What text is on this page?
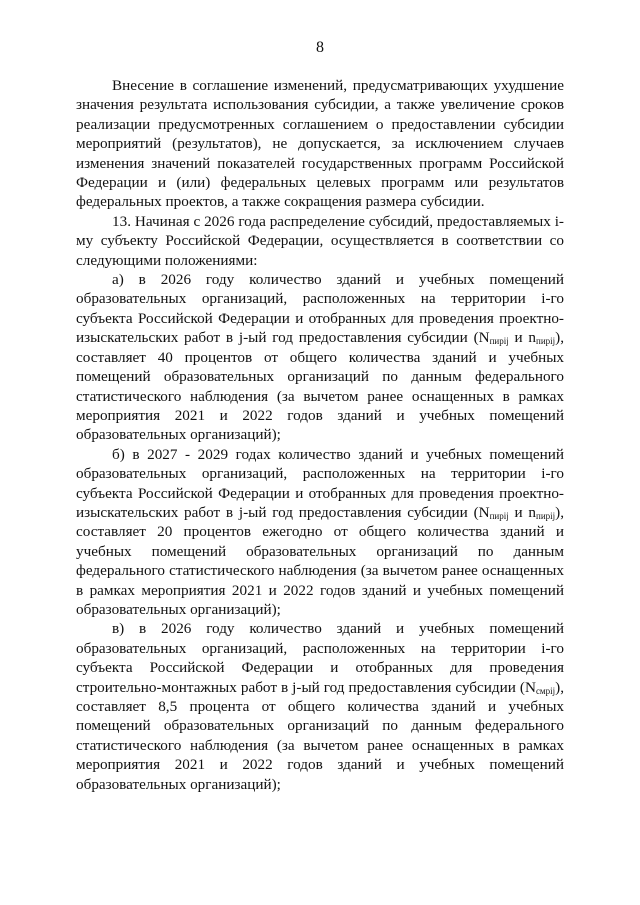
8

Внесение в соглашение изменений, предусматривающих ухудшение значения результата использования субсидии, а также увеличение сроков реализации предусмотренных соглашением о предоставлении субсидии мероприятий (результатов), не допускается, за исключением случаев изменения значений показателей государственных программ Российской Федерации и (или) федеральных целевых программ или результатов федеральных проектов, а также сокращения размера субсидии.

13. Начиная с 2026 года распределение субсидий, предоставляемых i-му субъекту Российской Федерации, осуществляется в соответствии со следующими положениями:

а) в 2026 году количество зданий и учебных помещений образовательных организаций, расположенных на территории i-го субъекта Российской Федерации и отобранных для проведения проектно-изыскательских работ в j-ый год предоставления субсидии ($N_{пирij}$ и $n_{пирij}$), составляет 40 процентов от общего количества зданий и учебных помещений образовательных организаций по данным федерального статистического наблюдения (за вычетом ранее оснащенных в рамках мероприятия 2021 и 2022 годов зданий и учебных помещений образовательных организаций);

б) в 2027 - 2029 годах количество зданий и учебных помещений образовательных организаций, расположенных на территории i-го субъекта Российской Федерации и отобранных для проведения проектно-изыскательских работ в j-ый год предоставления субсидии ($N_{пирij}$ и $n_{пирij}$), составляет 20 процентов ежегодно от общего количества зданий и учебных помещений образовательных организаций по данным федерального статистического наблюдения (за вычетом ранее оснащенных в рамках мероприятия 2021 и 2022 годов зданий и учебных помещений образовательных организаций);

в) в 2026 году количество зданий и учебных помещений образовательных организаций, расположенных на территории i-го субъекта Российской Федерации и отобранных для проведения строительно-монтажных работ в j-ый год предоставления субсидии $(N_{смрij})$, составляет 8,5 процента от общего количества зданий и учебных помещений образовательных организаций по данным федерального статистического наблюдения (за вычетом ранее оснащенных в рамках мероприятия 2021 и 2022 годов зданий и учебных помещений образовательных организаций);
